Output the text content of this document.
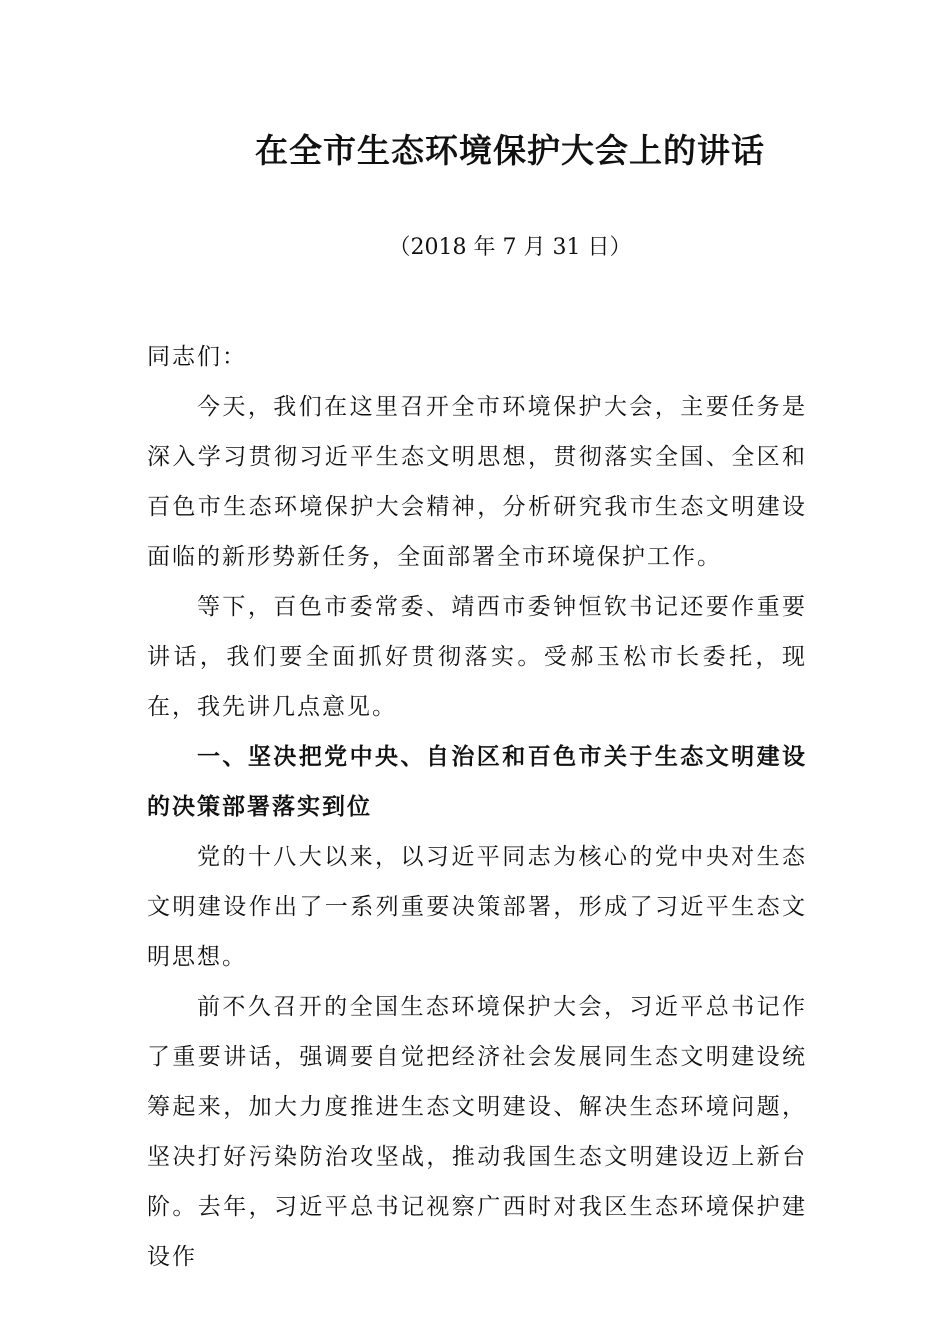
在全市生态环境保护大会上的讲话

（2018 年 7 月 31 日）

同志们：

今天，我们在这里召开全市环境保护大会，主要任务是深入学习贯彻习近平生态文明思想，贯彻落实全国、全区和百色市生态环境保护大会精神，分析研究我市生态文明建设面临的新形势新任务，全面部署全市环境保护工作。

等下，百色市委常委、靖西市委钟恒钦书记还要作重要讲话，我们要全面抓好贯彻落实。受郝玉松市长委托，现在，我先讲几点意见。

一、坚决把党中央、自治区和百色市关于生态文明建设的决策部署落实到位

党的十八大以来，以习近平同志为核心的党中央对生态文明建设作出了一系列重要决策部署，形成了习近平生态文明思想。

前不久召开的全国生态环境保护大会，习近平总书记作了重要讲话，强调要自觉把经济社会发展同生态文明建设统筹起来，加大力度推进生态文明建设、解决生态环境问题，坚决打好污染防治攻坚战，推动我国生态文明建设迈上新台阶。去年，习近平总书记视察广西时对我区生态环境保护建设作
